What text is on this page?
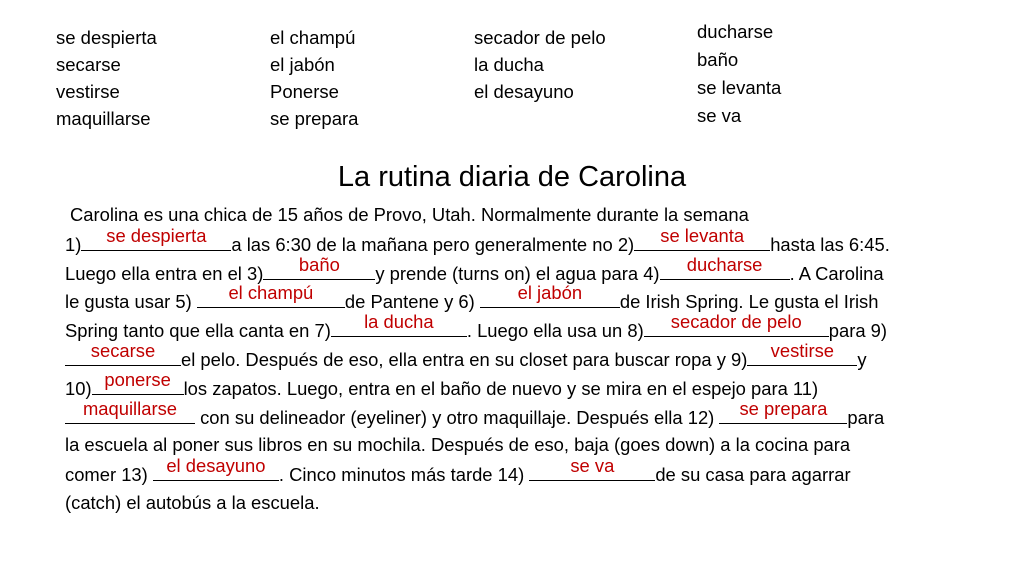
se despierta
secarse
vestirse
maquillarse
el champú
el jabón
Ponerse
se prepara
secador de pelo
la ducha
el desayuno
ducharse
baño
se levanta
se va
La rutina diaria de Carolina
Carolina es una chica de 15 años de Provo, Utah. Normalmente durante la semana
1)	se despierta	a las 6:30 de la mañana pero generalmente no 2)	se levanta	hasta las 6:45.
Luego ella entra en el 3)	baño	y prende (turns on) el agua para 4)	ducharse	. A Carolina
le gusta usar 5)	el champú	de Pantene y 6)	el jabón	de Irish Spring. Le gusta el Irish
Spring tanto que ella canta en 7)	la ducha	. Luego ella usa un 8)	secador de pelo	para 9)
secarse	el pelo. Después de eso, ella entra en su closet para buscar ropa y 9)	vestirse	y
10) ponerse los zapatos. Luego, entra en el baño de nuevo y se mira en el espejo para 11)
maquillarse con su delineador (eyeliner) y otro maquillaje. Después ella 12)	se prepara	para
la escuela al poner sus libros en su mochila. Después de eso, baja (goes down) a la cocina para
comer 13) el desayuno . Cinco minutos más tarde 14)	se va	de su casa para agarrar
(catch) el autobús a la escuela.
